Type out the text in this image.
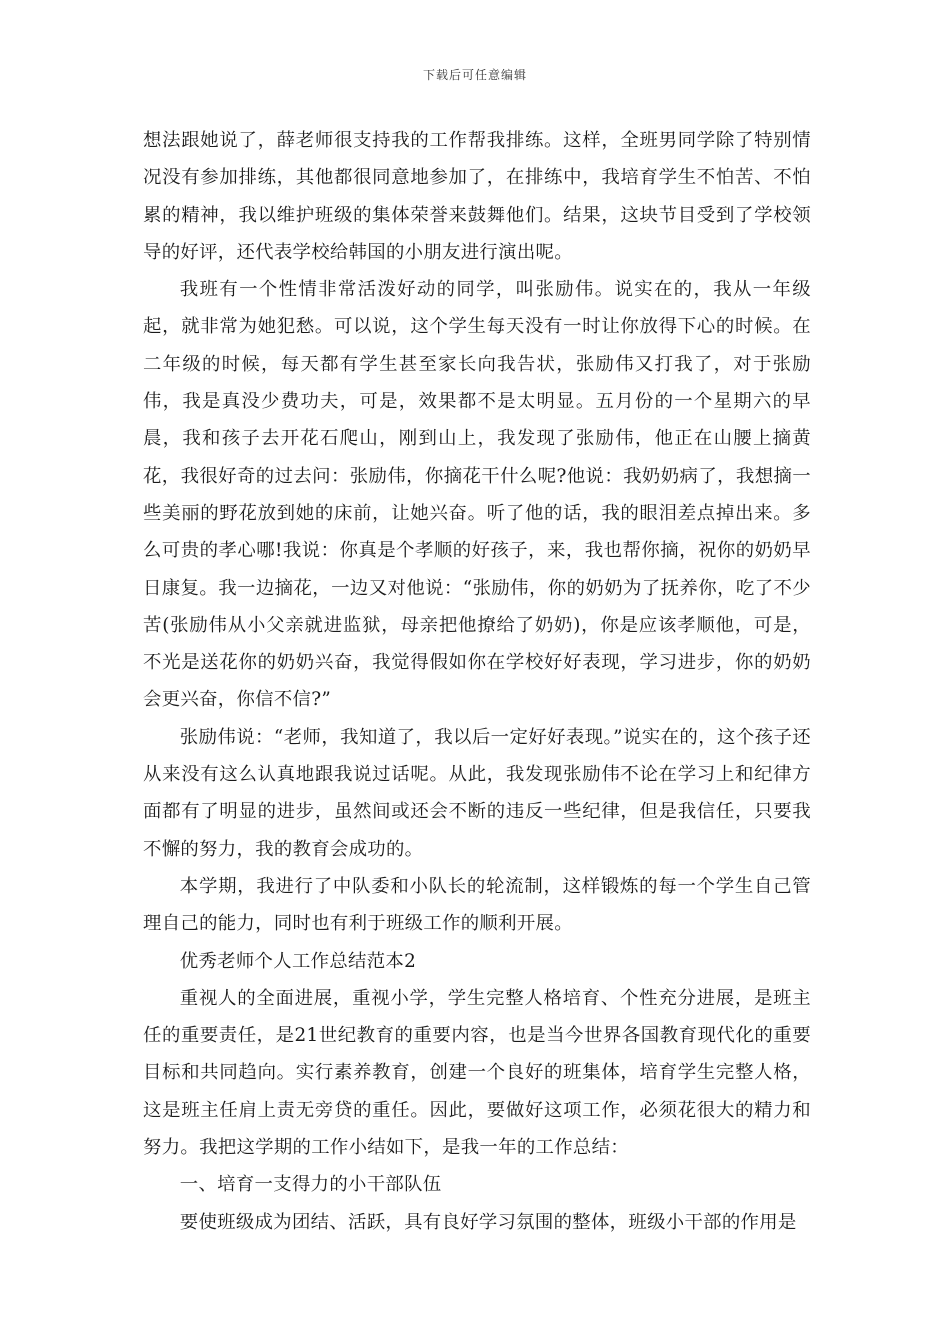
下载后可任意编辑

想法跟她说了，薛老师很支持我的工作帮我排练。这样，全班男同学除了特别情况没有参加排练，其他都很同意地参加了，在排练中，我培育学生不怕苦、不怕累的精神，我以维护班级的集体荣誉来鼓舞他们。结果，这块节目受到了学校领导的好评，还代表学校给韩国的小朋友进行演出呢。

我班有一个性情非常活泼好动的同学，叫张励伟。说实在的，我从一年级起，就非常为她犯愁。可以说，这个学生每天没有一时让你放得下心的时候。在二年级的时候，每天都有学生甚至家长向我告状，张励伟又打我了，对于张励伟，我是真没少费功夫，可是，效果都不是太明显。五月份的一个星期六的早晨，我和孩子去开花石爬山，刚到山上，我发现了张励伟，他正在山腰上摘黄花，我很好奇的过去问：张励伟，你摘花干什么呢?他说：我奶奶病了，我想摘一些美丽的野花放到她的床前，让她兴奋。听了他的话，我的眼泪差点掉出来。多么可贵的孝心哪!我说：你真是个孝顺的好孩子，来，我也帮你摘，祝你的奶奶早日康复。我一边摘花，一边又对他说：“张励伟，你的奶奶为了抚养你，吃了不少苦(张励伟从小父亲就进监狱，母亲把他撩给了奶奶)，你是应该孝顺他，可是，不光是送花你的奶奶兴奋，我觉得假如你在学校好好表现，学习进步，你的奶奶会更兴奋，你信不信?”

张励伟说：“老师，我知道了，我以后一定好好表现。”说实在的，这个孩子还从来没有这么认真地跟我说过话呢。从此，我发现张励伟不论在学习上和纪律方面都有了明显的进步，虽然间或还会不断的违反一些纪律，但是我信任，只要我不懈的努力，我的教育会成功的。

本学期，我进行了中队委和小队长的轮流制，这样锻炼的每一个学生自己管理自己的能力，同时也有利于班级工作的顺利开展。

优秀老师个人工作总结范本2

重视人的全面进展，重视小学，学生完整人格培育、个性充分进展，是班主任的重要责任，是21世纪教育的重要内容，也是当今世界各国教育现代化的重要目标和共同趋向。实行素养教育，创建一个良好的班集体，培育学生完整人格，这是班主任肩上责无旁贷的重任。因此，要做好这项工作，必须花很大的精力和努力。我把这学期的工作小结如下，是我一年的工作总结：

一、培育一支得力的小干部队伍

要使班级成为团结、活跃，具有良好学习氛围的整体，班级小干部的作用是
